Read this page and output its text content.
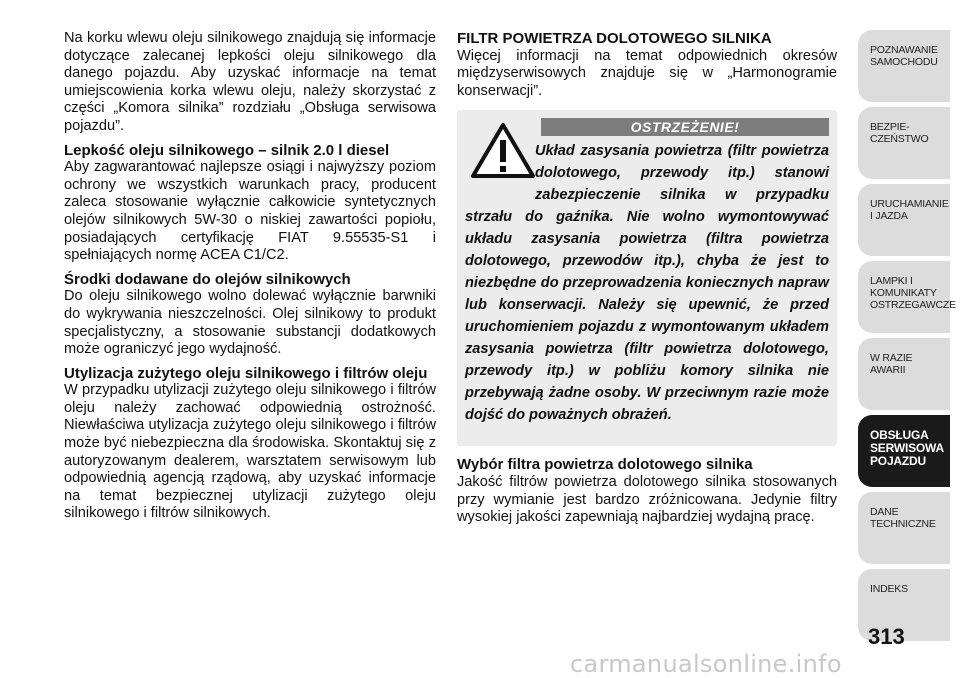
Na korku wlewu oleju silnikowego znajdują się informacje dotyczące zalecanej lepkości oleju silnikowego dla danego pojazdu. Aby uzyskać informacje na temat umiejscowienia korka wlewu oleju, należy skorzystać z części „Komora silnika” rozdziału „Obsługa serwisowa pojazdu”.

Lepkość oleju silnikowego – silnik 2.0 l diesel

Aby zagwarantować najlepsze osiągi i najwyższy poziom ochrony we wszystkich warunkach pracy, producent zaleca stosowanie wyłącznie całkowicie syntetycznych olejów silnikowych 5W-30 o niskiej zawartości popiołu, posiadających certyfikację FIAT 9.55535-S1 i spełniających normę ACEA C1/C2.

Środki dodawane do olejów silnikowych

Do oleju silnikowego wolno dolewać wyłącznie barwniki do wykrywania nieszczelności. Olej silnikowy to produkt specjalistyczny, a stosowanie substancji dodatkowych może ograniczyć jego wydajność.

Utylizacja zużytego oleju silnikowego i filtrów oleju

W przypadku utylizacji zużytego oleju silnikowego i filtrów oleju należy zachować odpowiednią ostrożność. Niewłaściwa utylizacja zużytego oleju silnikowego i filtrów może być niebezpieczna dla środowiska. Skontaktuj się z autoryzowanym dealerem, warsztatem serwisowym lub odpowiednią agencją rządową, aby uzyskać informacje na temat bezpiecznej utylizacji zużytego oleju silnikowego i filtrów silnikowych.

FILTR POWIETRZA DOLOTOWEGO SILNIKA

Więcej informacji na temat odpowiednich okresów międzyserwisowych znajduje się w „Harmonogramie konserwacji”.

OSTRZEŻENIE!
Układ zasysania powietrza (filtr powietrza dolotowego, przewody itp.) stanowi zabezpieczenie silnika w przypadku strzału do gaźnika. Nie wolno wymontowywać układu zasysania powietrza (filtra powietrza dolotowego, przewodów itp.), chyba że jest to niezbędne do przeprowadzenia koniecznych napraw lub konserwacji. Należy się upewnić, że przed uruchomieniem pojazdu z wymontowanym układem zasysania powietrza (filtr powietrza dolotowego, przewody itp.) w pobliżu komory silnika nie przebywają żadne osoby. W przeciwnym razie może dojść do poważnych obrażeń.
Wybór filtra powietrza dolotowego silnika

Jakość filtrów powietrza dolotowego silnika stosowanych przy wymianie jest bardzo zróżnicowana. Jedynie filtry wysokiej jakości zapewniają najbardziej wydajną pracę.

POZNAWANIE SAMOCHODU
BEZPIE- CZEŃSTWO
URUCHAMIANIE I JAZDA
LAMPKI I KOMUNIKATY OSTRZEGAWCZE
W RAZIE AWARII
OBSŁUGA SERWISOWA POJAZDU
DANE TECHNICZNE
INDEKS
313
carmanualsonline.info
